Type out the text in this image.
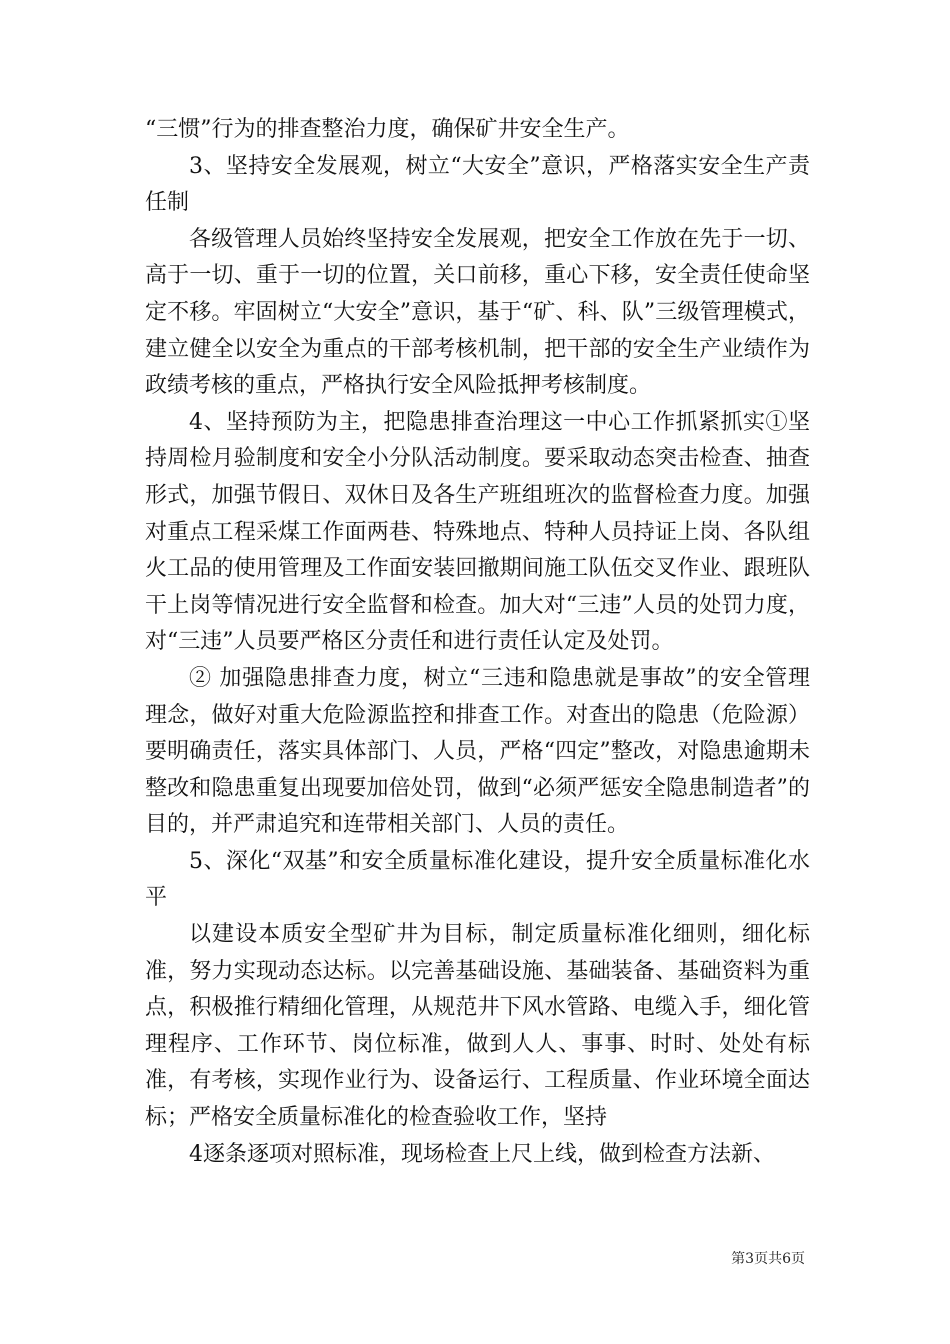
“三惯”行为的排查整治力度，确保矿井安全生产。

3、坚持安全发展观，树立“大安全”意识，严格落实安全生产责任制

各级管理人员始终坚持安全发展观，把安全工作放在先于一切、高于一切、重于一切的位置，关口前移，重心下移，安全责任使命坚定不移。牢固树立“大安全”意识，基于“矿、科、队”三级管理模式，建立健全以安全为重点的干部考核机制，把干部的安全生产业绩作为政绩考核的重点，严格执行安全风险抵押考核制度。

4、坚持预防为主，把隐患排查治理这一中心工作抓紧抓实①坚持周检月验制度和安全小分队活动制度。要采取动态突击检查、抽查形式，加强节假日、双休日及各生产班组班次的监督检查力度。加强对重点工程采煤工作面两巷、特殊地点、特种人员持证上岗、各队组火工品的使用管理及工作面安装回撤期间施工队伍交叉作业、跟班队干上岗等情况进行安全监督和检查。加大对“三违”人员的处罚力度，对“三违”人员要严格区分责任和进行责任认定及处罚。

② 加强隐患排查力度，树立“三违和隐患就是事故”的安全管理理念，做好对重大危险源监控和排查工作。对查出的隐患（危险源）要明确责任，落实具体部门、人员，严格“四定”整改，对隐患逾期未整改和隐患重复出现要加倍处罚，做到“必须严惩安全隐患制造者”的目的，并严肃追究和连带相关部门、人员的责任。

5、深化“双基”和安全质量标准化建设，提升安全质量标准化水平

以建设本质安全型矿井为目标，制定质量标准化细则，细化标准，努力实现动态达标。以完善基础设施、基础装备、基础资料为重点，积极推行精细化管理，从规范井下风水管路、电缆入手，细化管理程序、工作环节、岗位标准，做到人人、事事、时时、处处有标准，有考核，实现作业行为、设备运行、工程质量、作业环境全面达标；严格安全质量标准化的检查验收工作，坚持

4逐条逐项对照标准，现场检查上尺上线，做到检查方法新、

第3页共6页
